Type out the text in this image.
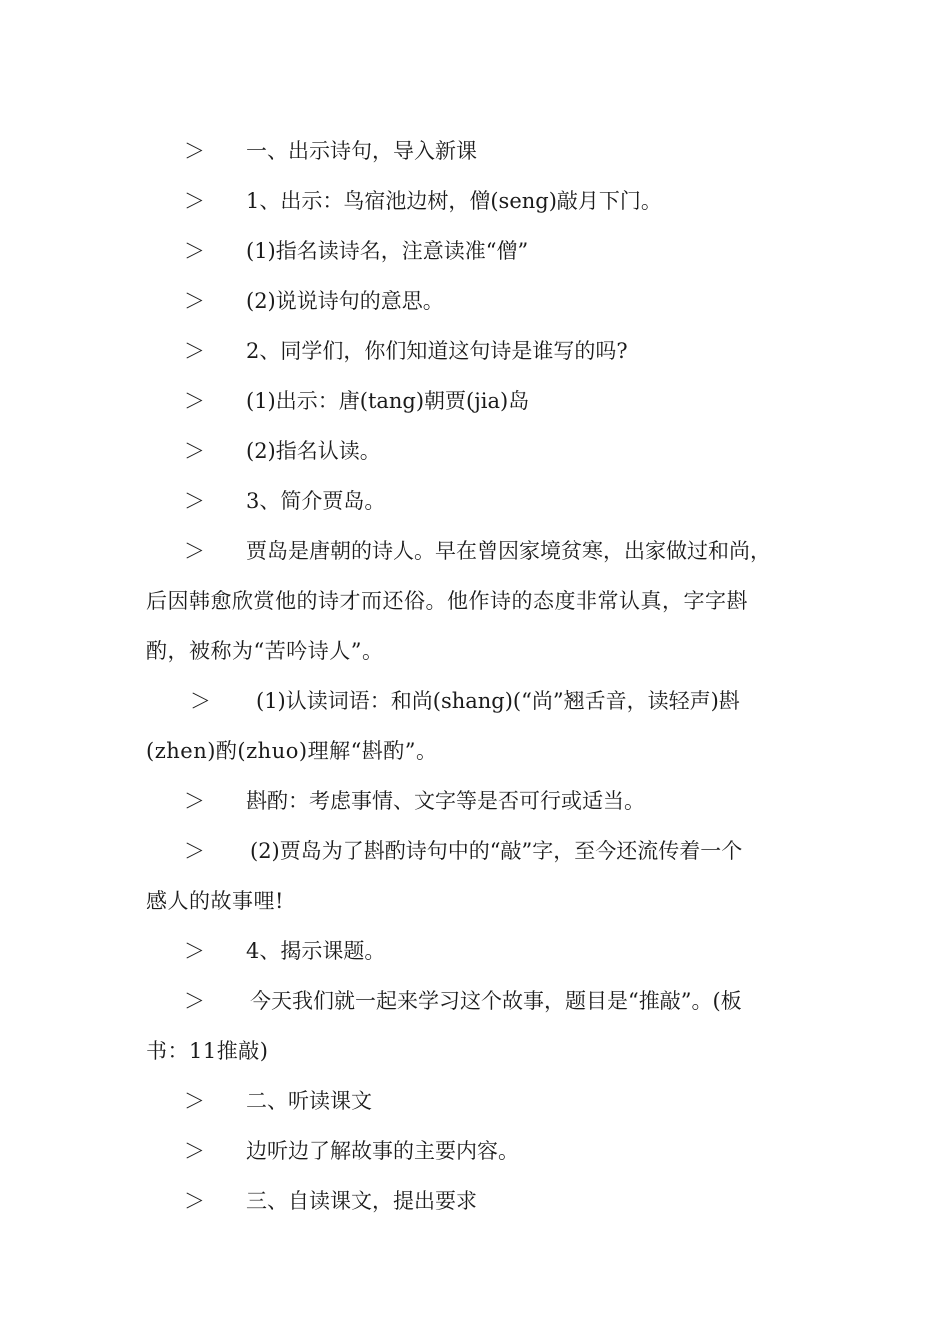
＞ 一、出示诗句，导入新课
＞ 1、出示：鸟宿池边树，僧(seng)敲月下门。
＞ (1)指名读诗名，注意读准“僧”
＞ (2)说说诗句的意思。
＞ 2、同学们，你们知道这句诗是谁写的吗?
＞ (1)出示：唐(tang)朝贾(jia)岛
＞ (2)指名认读。
＞ 3、简介贾岛。
＞ 贾岛是唐朝的诗人。早在曾因家境贫寒，出家做过和尚，
后因韩愈欣赏他的诗才而还俗。他作诗的态度非常认真，字字斟
酌，被称为“苦吟诗人”。
＞ (1)认读词语：和尚(shang)(“尚”翘舌音，读轻声)斟
(zhen)酌(zhuo)理解“斟酌”。
＞ 斟酌：考虑事情、文字等是否可行或适当。
＞ (2)贾岛为了斟酌诗句中的“敲”字，至今还流传着一个
感人的故事哩!
＞ 4、揭示课题。
＞ 今天我们就一起来学习这个故事，题目是“推敲”。(板
书：11推敲)
＞ 二、听读课文
＞ 边听边了解故事的主要内容。
＞ 三、自读课文，提出要求
